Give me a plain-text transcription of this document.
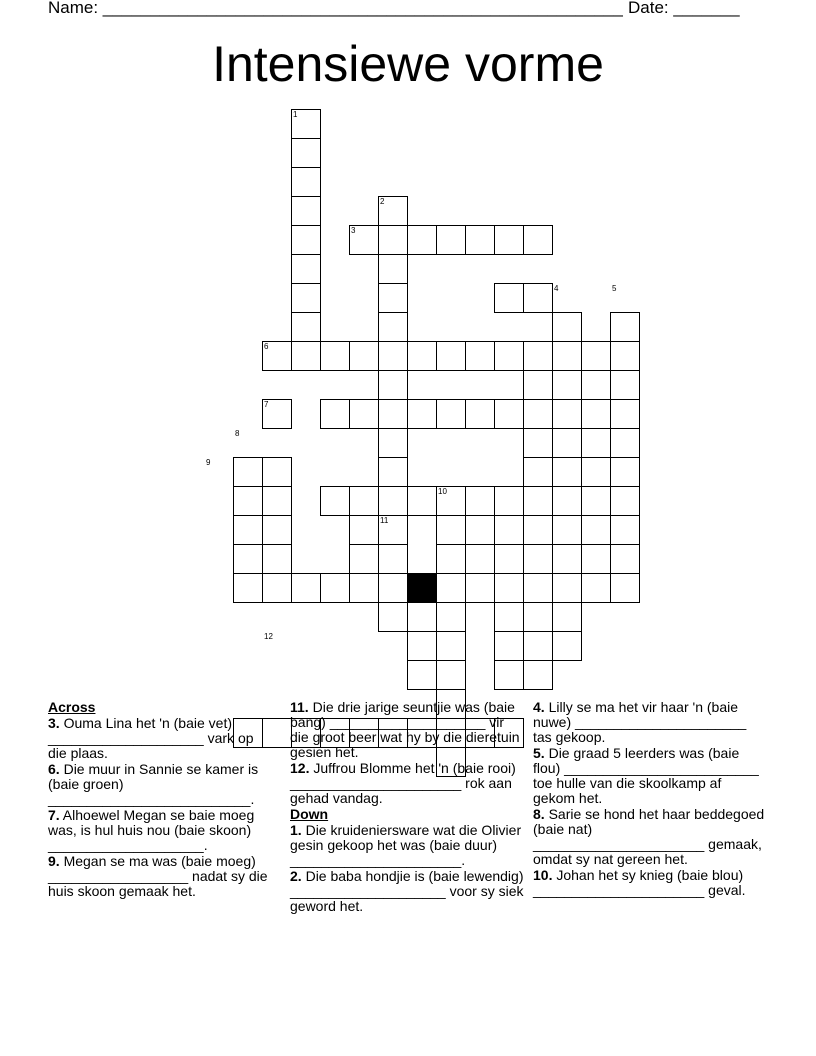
Name: _______________________________________________________ Date: _______
Intensiewe vorme
1
2
3
4	5
6
7
8
9
10
11
12
Across
3. Ouma Lina het 'n (baie vet) ____________________ vark op die plaas.
6. Die muur in Sannie se kamer is (baie groen) __________________________.
7. Alhoewel Megan se baie moeg was, is hul huis nou (baie skoon) ____________________.
9. Megan se ma was (baie moeg) __________________ nadat sy die huis skoon gemaak het.
11. Die drie jarige seuntjie was (baie bang) ____________________ vir die groot beer wat hy by die dieretuin gesien het.
12. Juffrou Blomme het 'n (baie rooi) ______________________ rok aan gehad vandag.
Down
1. Die kruideniersware wat die Olivier gesin gekoop het was (baie duur) ______________________.
2. Die baba hondjie is (baie lewendig) ____________________ voor sy siek geword het.
4. Lilly se ma het vir haar 'n (baie nuwe) ______________________ tas gekoop.
5. Die graad 5 leerders was (baie flou) _________________________ toe hulle van die skoolkamp af gekom het.
8. Sarie se hond het haar beddegoed (baie nat) ______________________ gemaak, omdat sy nat gereen het.
10. Johan het sy knieg (baie blou) ______________________ geval.
